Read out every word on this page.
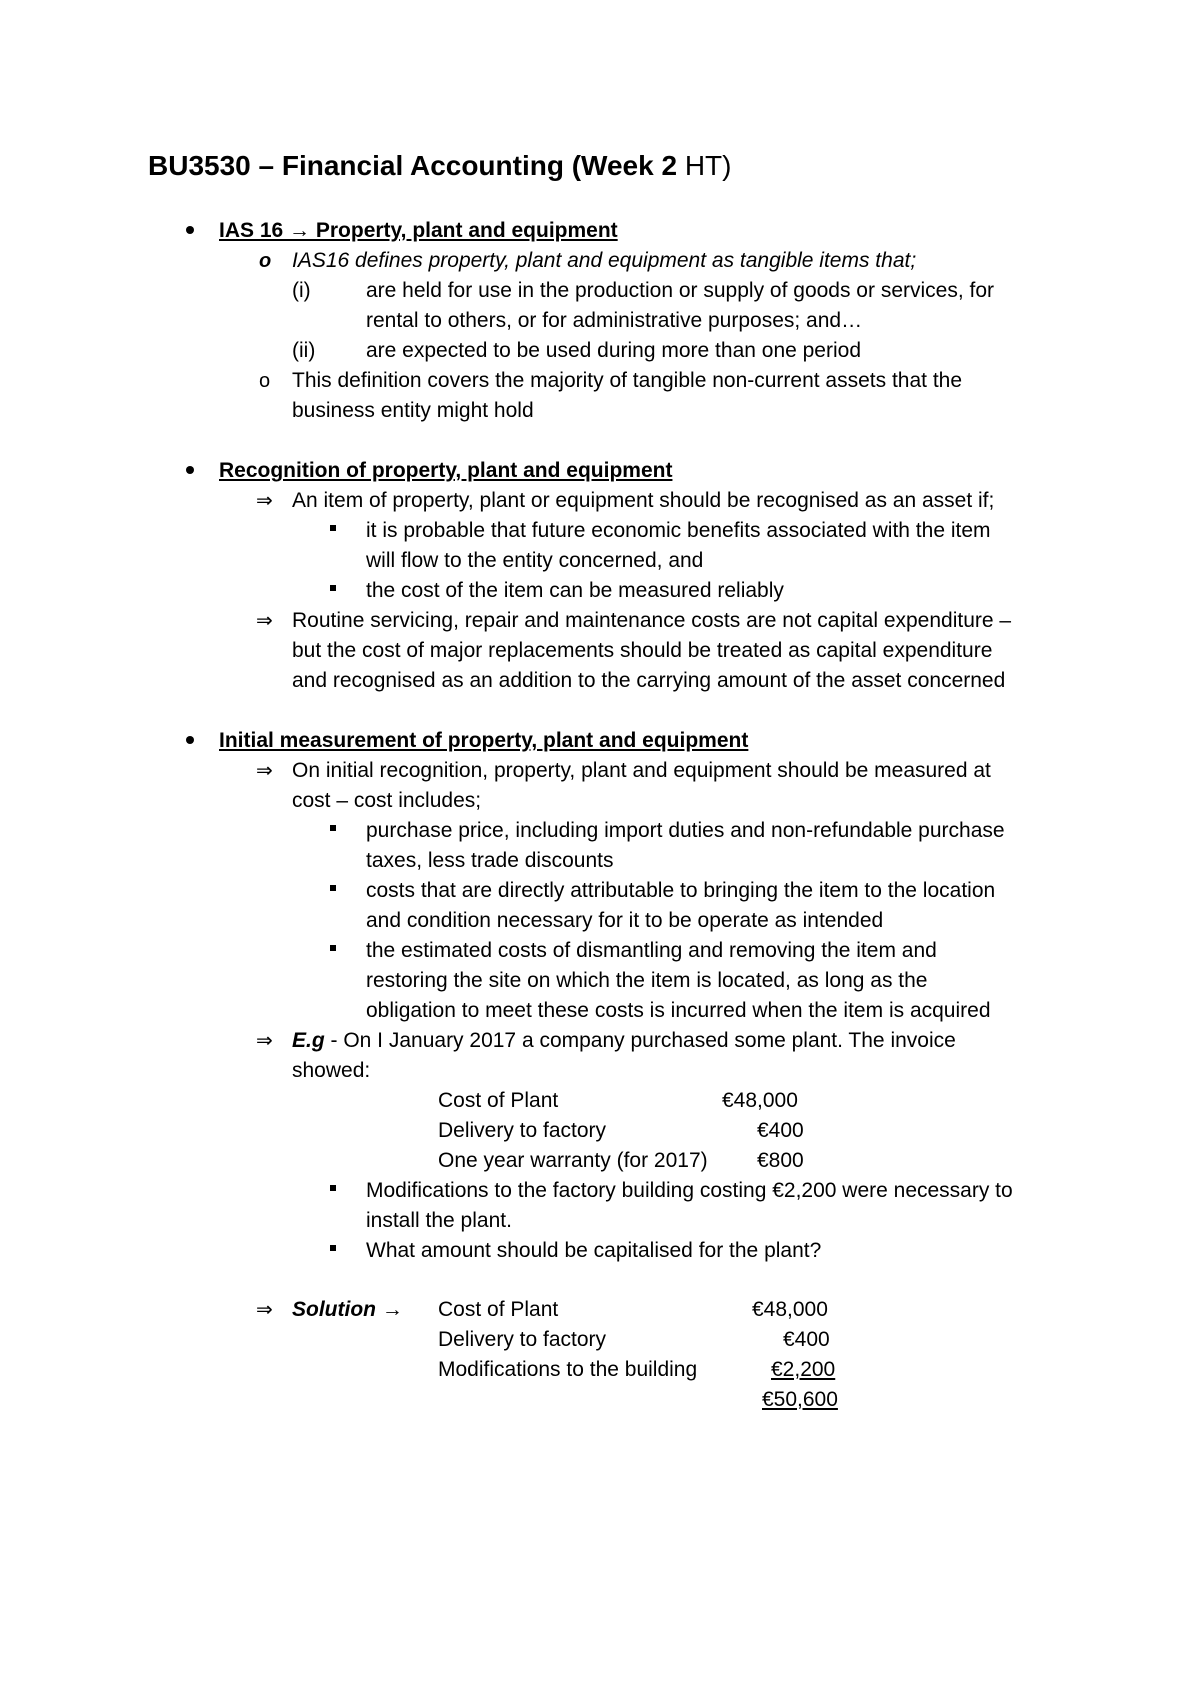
BU3530 – Financial Accounting (Week 2 HT)
IAS 16 → Property, plant and equipment
o IAS16 defines property, plant and equipment as tangible items that;
(i)	are held for use in the production or supply of goods or services, for
rental to others, or for administrative purposes; and…
(ii) are expected to be used during more than one period
o This definition covers the majority of tangible non-current assets that the
business entity might hold
Recognition of property, plant and equipment
⇒ An item of property, plant or equipment should be recognised as an asset if;
it is probable that future economic benefits associated with the item
will flow to the entity concerned, and
the cost of the item can be measured reliably
⇒ Routine servicing, repair and maintenance costs are not capital expenditure –
but the cost of major replacements should be treated as capital expenditure
and recognised as an addition to the carrying amount of the asset concerned
Initial measurement of property, plant and equipment
⇒ On initial recognition, property, plant and equipment should be measured at
cost – cost includes;
purchase price, including import duties and non-refundable purchase
taxes, less trade discounts
costs that are directly attributable to bringing the item to the location
and condition necessary for it to be operate as intended
the estimated costs of dismantling and removing the item and
restoring the site on which the item is located, as long as the
obligation to meet these costs is incurred when the item is acquired
⇒ E.g - On I January 2017 a company purchased some plant. The invoice
showed:
Cost of Plant	€48,000
Delivery to factory	€400
One year warranty (for 2017) €800
Modifications to the factory building costing €2,200 were necessary to
install the plant.
What amount should be capitalised for the plant?
⇒ Solution → Cost of Plant	€48,000
Delivery to factory	€400
Modifications to the building	€2,200
€50,600
